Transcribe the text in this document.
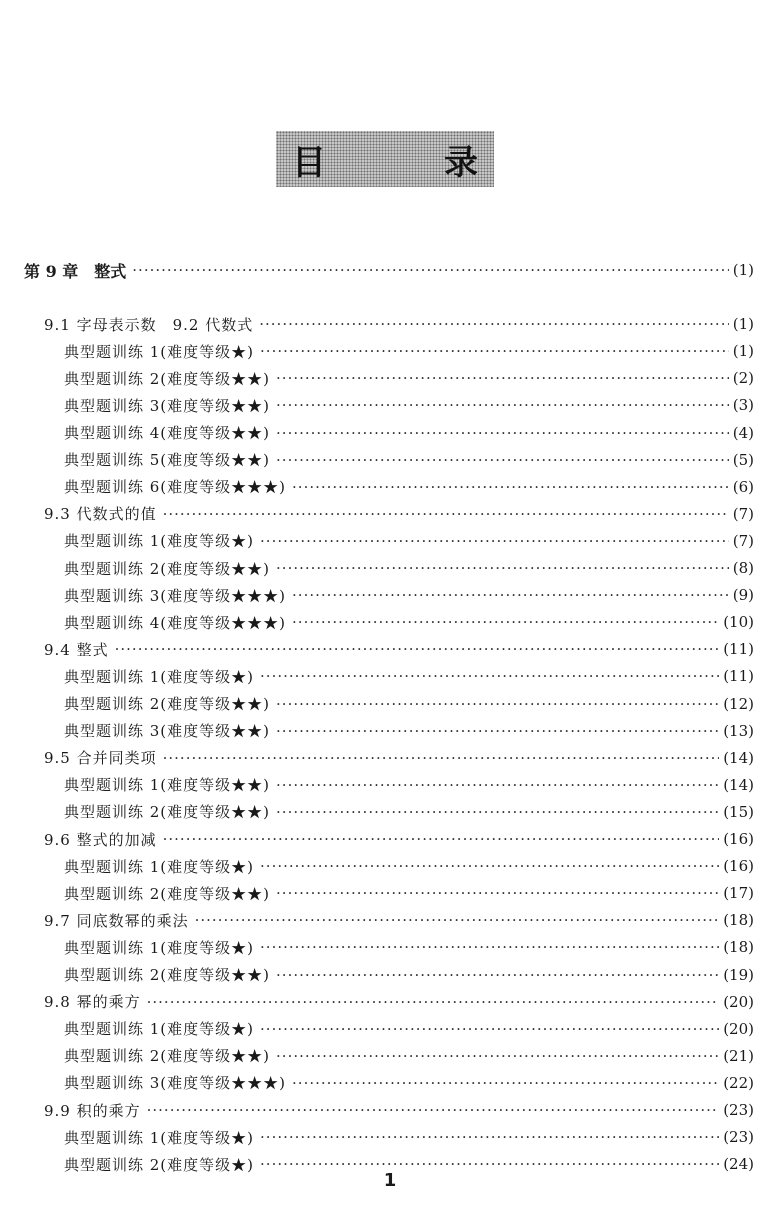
目　录
第 9 章　整式 ·····	(1)
9.1 字母表示数　9.2 代数式 ·····	(1)
典型题训练 1(难度等级★) ·····	(1)
典型题训练 2(难度等级★★) ·····	(2)
典型题训练 3(难度等级★★) ·····	(3)
典型题训练 4(难度等级★★) ·····	(4)
典型题训练 5(难度等级★★) ·····	(5)
典型题训练 6(难度等级★★★) ·····	(6)
9.3 代数式的值 ·····	(7)
典型题训练 1(难度等级★) ·····	(7)
典型题训练 2(难度等级★★) ·····	(8)
典型题训练 3(难度等级★★★) ·····	(9)
典型题训练 4(难度等级★★★) ·····	(10)
9.4 整式 ·····	(11)
典型题训练 1(难度等级★) ·····	(11)
典型题训练 2(难度等级★★) ·····	(12)
典型题训练 3(难度等级★★) ·····	(13)
9.5 合并同类项 ·····	(14)
典型题训练 1(难度等级★★) ·····	(14)
典型题训练 2(难度等级★★) ·····	(15)
9.6 整式的加减 ·····	(16)
典型题训练 1(难度等级★) ·····	(16)
典型题训练 2(难度等级★★) ·····	(17)
9.7 同底数幂的乘法 ·····	(18)
典型题训练 1(难度等级★) ·····	(18)
典型题训练 2(难度等级★★) ·····	(19)
9.8 幂的乘方 ·····	(20)
典型题训练 1(难度等级★) ·····	(20)
典型题训练 2(难度等级★★) ·····	(21)
典型题训练 3(难度等级★★★) ·····	(22)
9.9 积的乘方 ·····	(23)
典型题训练 1(难度等级★) ·····	(23)
典型题训练 2(难度等级★) ·····	(24)
1
